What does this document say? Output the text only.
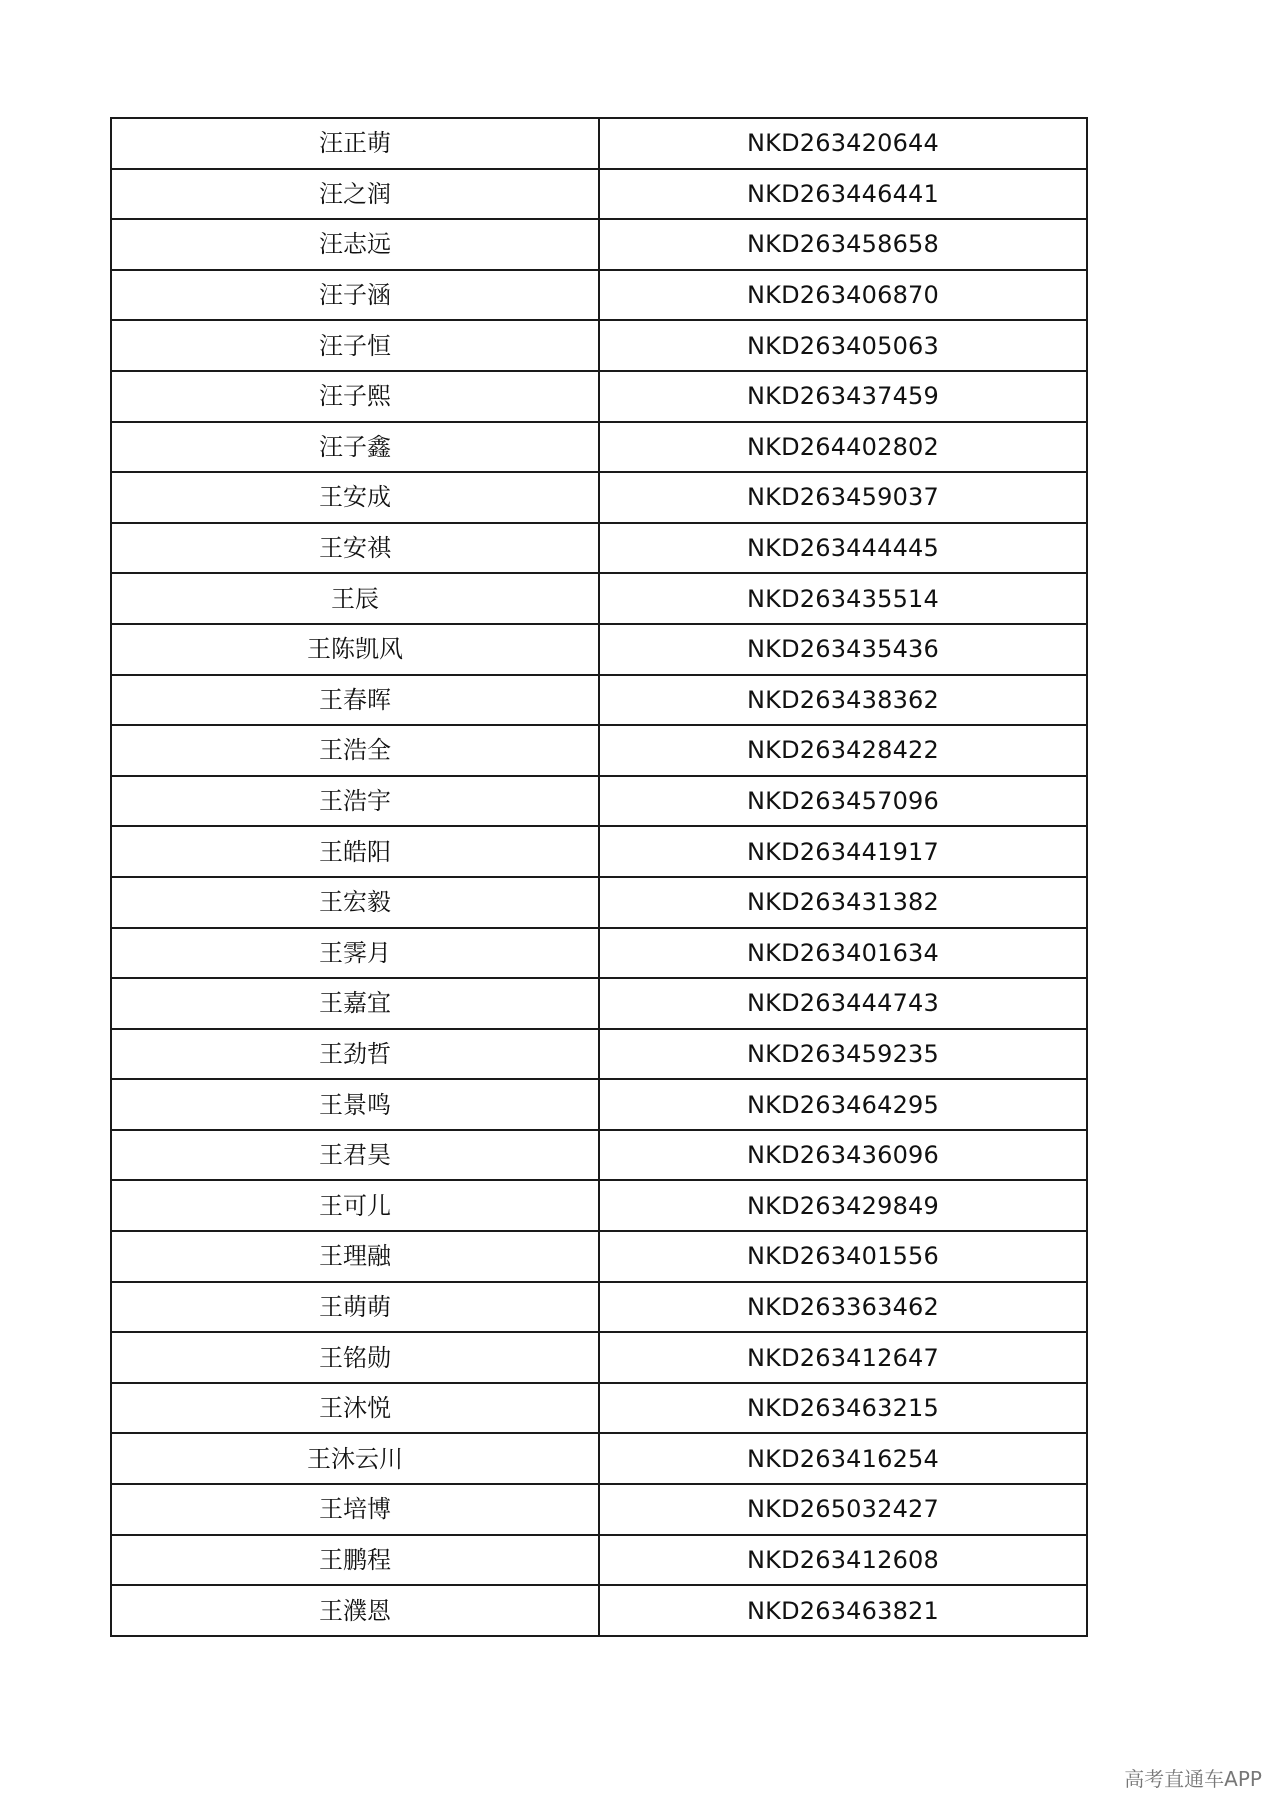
汪正萌	NKD263420644
汪之润	NKD263446441
汪志远	NKD263458658
汪子涵	NKD263406870
汪子恒	NKD263405063
汪子熙	NKD263437459
汪子鑫	NKD264402802
王安成	NKD263459037
王安祺	NKD263444445
王辰	NKD263435514
王陈凯风	NKD263435436
王春晖	NKD263438362
王浩全	NKD263428422
王浩宇	NKD263457096
王皓阳	NKD263441917
王宏毅	NKD263431382
王霁月	NKD263401634
王嘉宜	NKD263444743
王劲哲	NKD263459235
王景鸣	NKD263464295
王君昊	NKD263436096
王可儿	NKD263429849
王理融	NKD263401556
王萌萌	NKD263363462
王铭勋	NKD263412647
王沐悦	NKD263463215
王沐云川	NKD263416254
王培博	NKD265032427
王鹏程	NKD263412608
王濮恩	NKD263463821
高考直通车APP
